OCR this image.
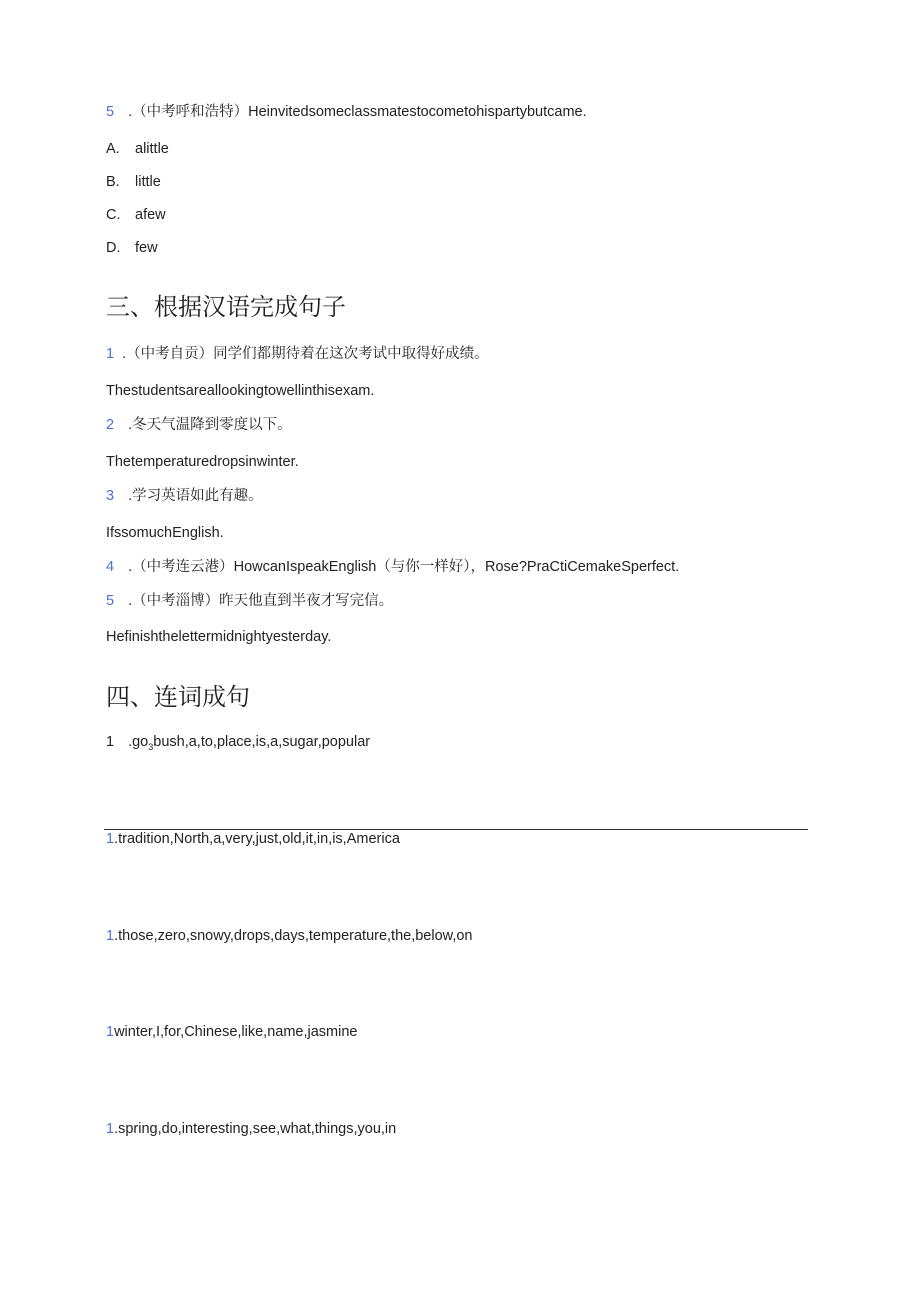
5 .（中考呼和浩特）Heinvitedsomeclassmatestocometohispartybutcame.
A. alittle
B. little
C. afew
D. few
三、根据汉语完成句子
1 .（中考自贡）同学们都期待着在这次考试中取得好成绩。
Thestudentsareallookingtowellinthisexam.
2 .冬天气温降到零度以下。
Thetemperaturedropsinwinter.
3 .学习英语如此有趣。
IfssomuchEnglish.
4 .（中考连云港）HowcanIspeakEnglish（与你一样好），Rose?PraCtiCemakeSperfect.
5 .（中考淄博）昨天他直到半夜才写完信。
Hefinishthelettermidnightyesterday.
四、连词成句
1 $.go_3bush,a,to,place,is,a,sugar,popular$
1.tradition,North,a,very,just,old,it,in,is,America
1.those,zero,snowy,drops,days,temperature,the,below,on
1winter,I,for,Chinese,like,name,jasmine
1.spring,do,interesting,see,what,things,you,in
